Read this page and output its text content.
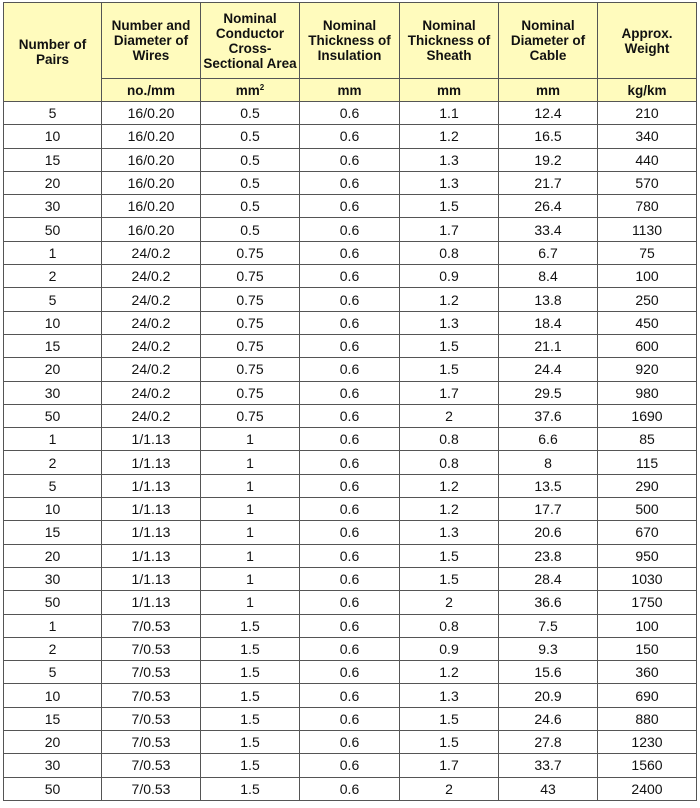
Number of Pairs	Number and Diameter of Wires	Nominal Conductor Cross-Sectional Area	Nominal Thickness of Insulation	Nominal Thickness of Sheath	Nominal Diameter of Cable	Approx. Weight
	no./mm	$mm^2$	mm	mm	mm	kg/km
5	16/0.20	0.5	0.6	1.1	12.4	210
10	16/0.20	0.5	0.6	1.2	16.5	340
15	16/0.20	0.5	0.6	1.3	19.2	440
20	16/0.20	0.5	0.6	1.3	21.7	570
30	16/0.20	0.5	0.6	1.5	26.4	780
50	16/0.20	0.5	0.6	1.7	33.4	1130
1	24/0.2	0.75	0.6	0.8	6.7	75
2	24/0.2	0.75	0.6	0.9	8.4	100
5	24/0.2	0.75	0.6	1.2	13.8	250
10	24/0.2	0.75	0.6	1.3	18.4	450
15	24/0.2	0.75	0.6	1.5	21.1	600
20	24/0.2	0.75	0.6	1.5	24.4	920
30	24/0.2	0.75	0.6	1.7	29.5	980
50	24/0.2	0.75	0.6	2	37.6	1690
1	1/1.13	1	0.6	0.8	6.6	85
2	1/1.13	1	0.6	0.8	8	115
5	1/1.13	1	0.6	1.2	13.5	290
10	1/1.13	1	0.6	1.2	17.7	500
15	1/1.13	1	0.6	1.3	20.6	670
20	1/1.13	1	0.6	1.5	23.8	950
30	1/1.13	1	0.6	1.5	28.4	1030
50	1/1.13	1	0.6	2	36.6	1750
1	7/0.53	1.5	0.6	0.8	7.5	100
2	7/0.53	1.5	0.6	0.9	9.3	150
5	7/0.53	1.5	0.6	1.2	15.6	360
10	7/0.53	1.5	0.6	1.3	20.9	690
15	7/0.53	1.5	0.6	1.5	24.6	880
20	7/0.53	1.5	0.6	1.5	27.8	1230
30	7/0.53	1.5	0.6	1.7	33.7	1560
50	7/0.53	1.5	0.6	2	43	2400
